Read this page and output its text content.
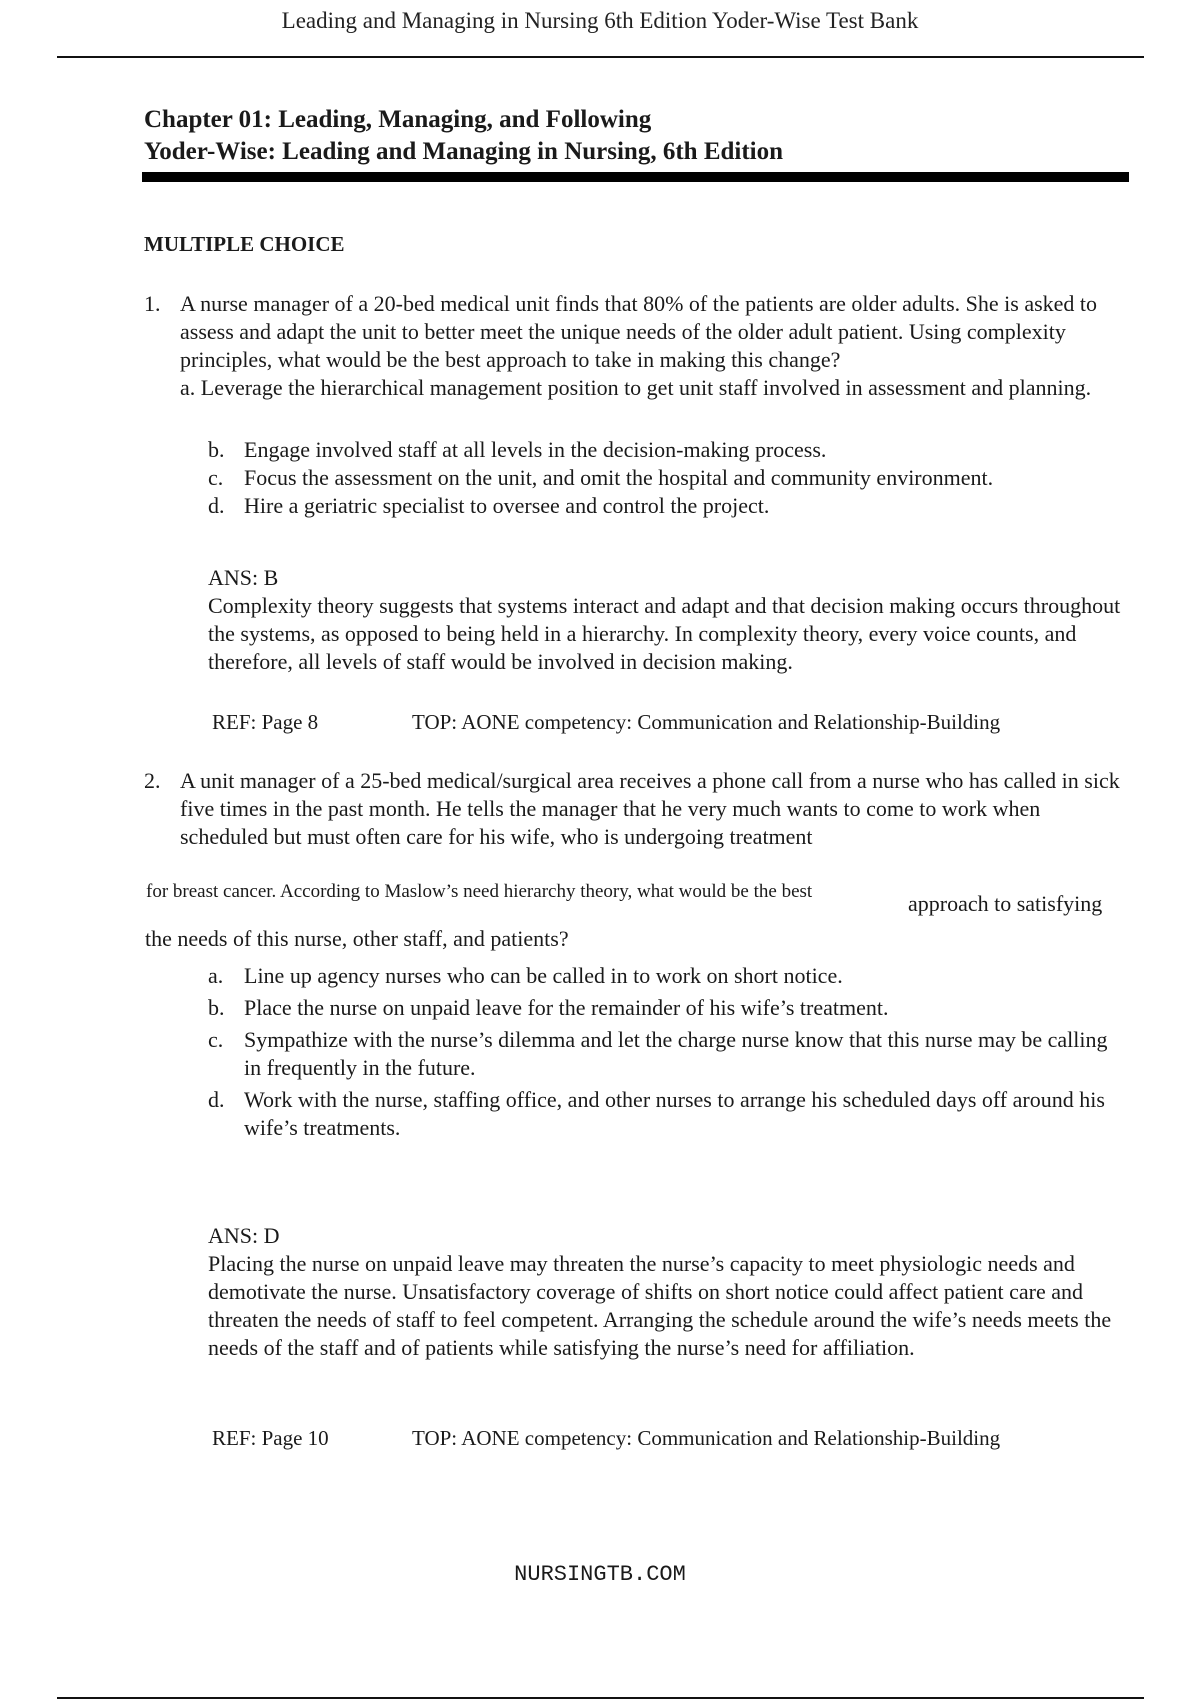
Leading and Managing in Nursing 6th Edition Yoder-Wise Test Bank
Chapter 01: Leading, Managing, and Following
Yoder-Wise: Leading and Managing in Nursing, 6th Edition
MULTIPLE CHOICE
1. A nurse manager of a 20-bed medical unit finds that 80% of the patients are older adults. She is asked to assess and adapt the unit to better meet the unique needs of the older adult patient. Using complexity principles, what would be the best approach to take in making this change?
a. Leverage the hierarchical management position to get unit staff involved in assessment and planning.
b. Engage involved staff at all levels in the decision-making process.
c. Focus the assessment on the unit, and omit the hospital and community environment.
d. Hire a geriatric specialist to oversee and control the project.
ANS: B
Complexity theory suggests that systems interact and adapt and that decision making occurs throughout the systems, as opposed to being held in a hierarchy. In complexity theory, every voice counts, and therefore, all levels of staff would be involved in decision making.
REF: Page 8	TOP: AONE competency: Communication and Relationship-Building
2. A unit manager of a 25-bed medical/surgical area receives a phone call from a nurse who has called in sick five times in the past month. He tells the manager that he very much wants to come to work when scheduled but must often care for his wife, who is undergoing treatment
for breast cancer. According to Maslow’s need hierarchy theory, what would be the best	approach to satisfying
the needs of this nurse, other staff, and patients?
a. Line up agency nurses who can be called in to work on short notice.
b. Place the nurse on unpaid leave for the remainder of his wife’s treatment.
c. Sympathize with the nurse’s dilemma and let the charge nurse know that this nurse may be calling in frequently in the future.
d. Work with the nurse, staffing office, and other nurses to arrange his scheduled days off around his wife’s treatments.
ANS: D
Placing the nurse on unpaid leave may threaten the nurse’s capacity to meet physiologic needs and demotivate the nurse. Unsatisfactory coverage of shifts on short notice could affect patient care and threaten the needs of staff to feel competent. Arranging the schedule around the wife’s needs meets the needs of the staff and of patients while satisfying the nurse’s need for affiliation.
REF: Page 10	TOP: AONE competency: Communication and Relationship-Building
NURSINGTB.COM
